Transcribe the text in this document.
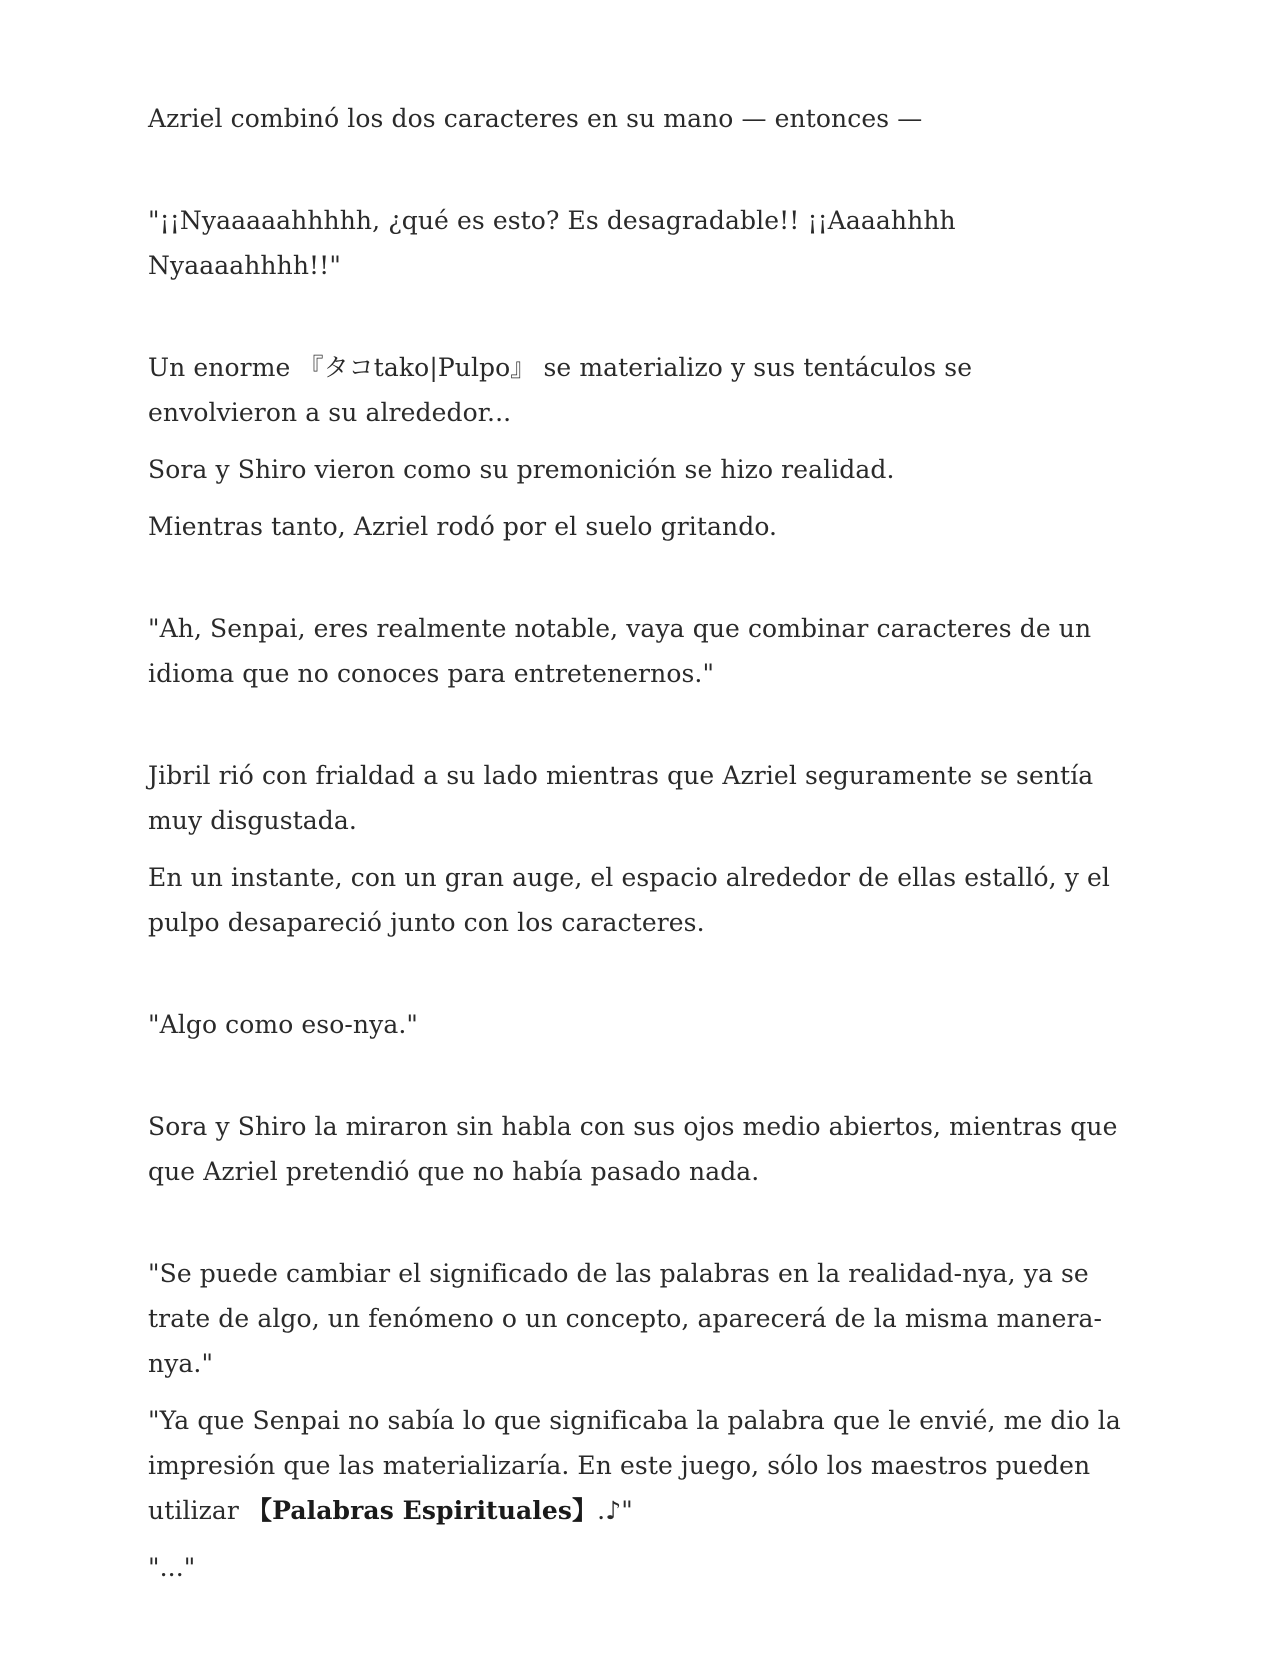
Azriel combinó los dos caracteres en su mano — entonces —

"¡¡Nyaaaaahhhhh, ¿qué es esto? Es desagradable!! ¡¡Aaaahhhh Nyaaaahhhh!!"

Un enorme 『タコtako|Pulpo』 se materializo y sus tentáculos se envolvieron a su alrededor...

Sora y Shiro vieron como su premonición se hizo realidad.

Mientras tanto, Azriel rodó por el suelo gritando.

"Ah, Senpai, eres realmente notable, vaya que combinar caracteres de un idioma que no conoces para entretenernos."

Jibril rió con frialdad a su lado mientras que Azriel seguramente se sentía muy disgustada.

En un instante, con un gran auge, el espacio alrededor de ellas estalló, y el pulpo desapareció junto con los caracteres.

"Algo como eso-nya."

Sora y Shiro la miraron sin habla con sus ojos medio abiertos, mientras que que Azriel pretendió que no había pasado nada.

"Se puede cambiar el significado de las palabras en la realidad-nya, ya se trate de algo, un fenómeno o un concepto, aparecerá de la misma manera-nya."

"Ya que Senpai no sabía lo que significaba la palabra que le envié, me dio la impresión que las materializaría. En este juego, sólo los maestros pueden utilizar 【Palabras Espirituales】.♪"

"..."
